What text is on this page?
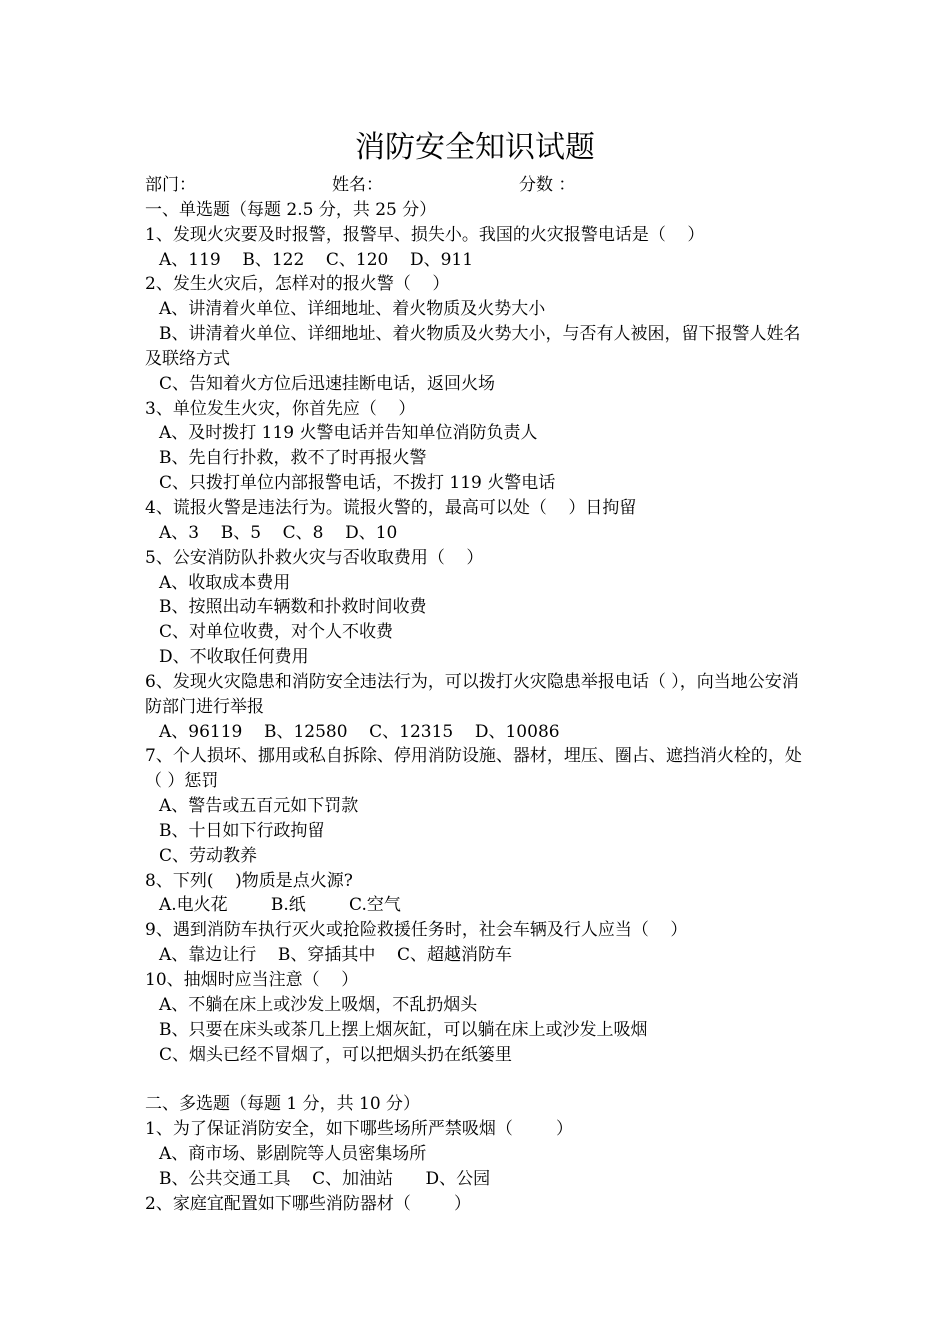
消防安全知识试题

部门：

	姓名：

	分数 ：

一、单选题（每题 2.5 分，共 25 分）
1、发现火灾要及时报警，报警早、损失小。我国的火灾报警电话是（    ）
A、119    B、122    C、120    D、911
2、发生火灾后，怎样对的报火警（    ）
A、讲清着火单位、详细地址、着火物质及火势大小
B、讲清着火单位、详细地址、着火物质及火势大小，与否有人被困，留下报警人姓名及联络方式
C、告知着火方位后迅速挂断电话，返回火场
3、单位发生火灾，你首先应（    ）
A、及时拨打 119 火警电话并告知单位消防负责人
B、先自行扑救，救不了时再报火警
C、只拨打单位内部报警电话，不拨打 119 火警电话
4、谎报火警是违法行为。谎报火警的，最高可以处（    ）日拘留
A、3    B、5    C、8    D、10
5、公安消防队扑救火灾与否收取费用（    ）
A、收取成本费用
B、按照出动车辆数和扑救时间收费
C、对单位收费，对个人不收费
D、不收取任何费用
6、发现火灾隐患和消防安全违法行为，可以拨打火灾隐患举报电话（ ），向当地公安消防部门进行举报
A、96119    B、12580    C、12315    D、10086
7、个人损坏、挪用或私自拆除、停用消防设施、器材，埋压、圈占、遮挡消火栓的，处（ ）惩罚
A、警告或五百元如下罚款
B、十日如下行政拘留
C、劳动教养
8、下列(    )物质是点火源?
A.电火花        B.纸        C.空气
9、遇到消防车执行灭火或抢险救援任务时，社会车辆及行人应当（    ）
A、靠边让行    B、穿插其中    C、超越消防车
10、抽烟时应当注意（    ）
A、不躺在床上或沙发上吸烟，不乱扔烟头
B、只要在床头或茶几上摆上烟灰缸，可以躺在床上或沙发上吸烟
C、烟头已经不冒烟了，可以把烟头扔在纸篓里
二、多选题（每题 1 分，共 10 分）
1、为了保证消防安全，如下哪些场所严禁吸烟（        ）
A、商市场、影剧院等人员密集场所
B、公共交通工具    C、加油站      D、公园
2、家庭宜配置如下哪些消防器材（        ）
